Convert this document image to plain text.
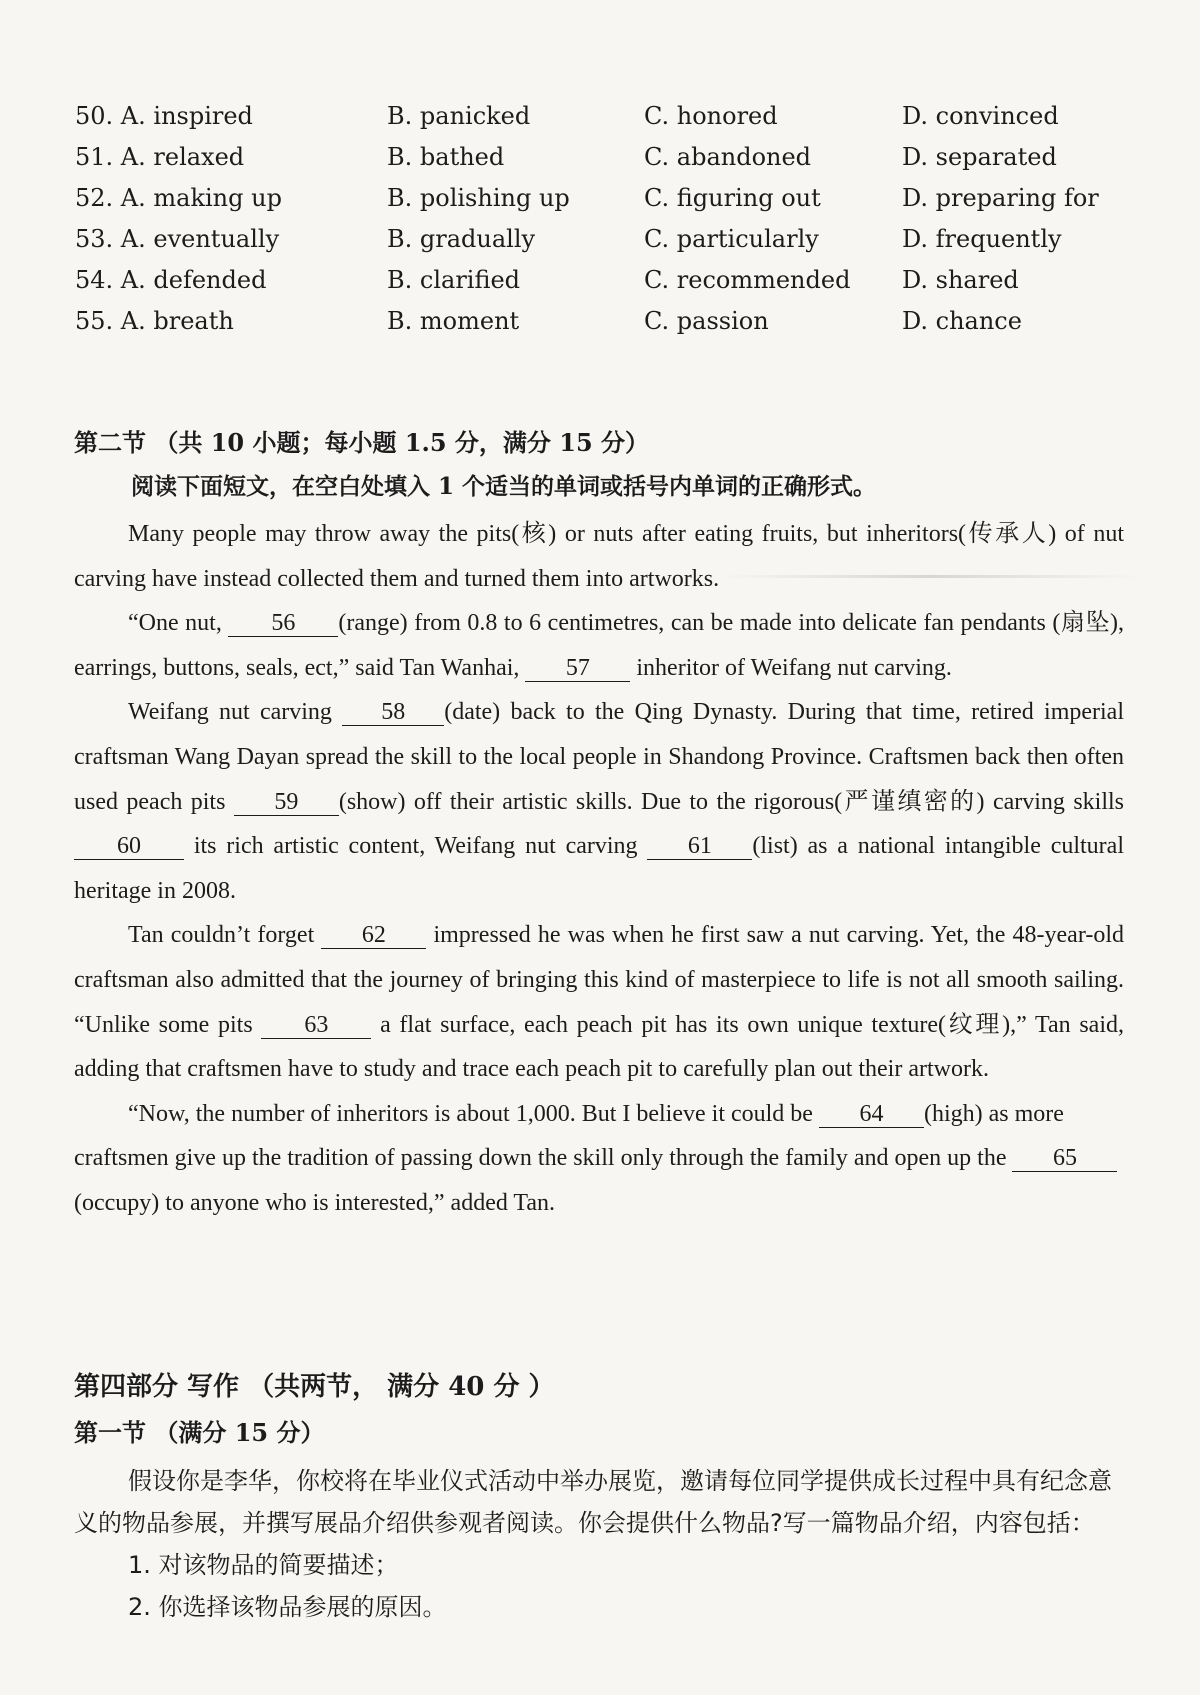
50. A. inspired	B. panicked	C. honored	D. convinced
51. A. relaxed	B. bathed	C. abandoned	D. separated
52. A. making up	B. polishing up	C. figuring out	D. preparing for
53. A. eventually	B. gradually	C. particularly	D. frequently
54. A. defended	B. clarified	C. recommended D. shared
55. A. breath	B. moment	C. passion	D. chance
第二节 （共 10 小题；每小题 1.5 分，满分 15 分）
阅读下面短文，在空白处填入 1 个适当的单词或括号内单词的正确形式。

Many people may throw away the pits(核) or nuts after eating fruits, but inheritors(传承人) of nut carving have instead collected them and turned them into artworks.

“One nut, 56 (range) from 0.8 to 6 centimetres, can be made into delicate fan pendants (扇坠), earrings, buttons, seals, ect,” said Tan Wanhai, 57 inheritor of Weifang nut carving.

Weifang nut carving 58 (date) back to the Qing Dynasty. During that time, retired imperial craftsman Wang Dayan spread the skill to the local people in Shandong Province. Craftsmen back then often used peach pits 59 (show) off their artistic skills. Due to the rigorous(严谨缜密的) carving skills 60 its rich artistic content, Weifang nut carving 61 (list) as a national intangible cultural heritage in 2008.

Tan couldn’t forget 62 impressed he was when he first saw a nut carving. Yet, the 48-year-old craftsman also admitted that the journey of bringing this kind of masterpiece to life is not all smooth sailing. “Unlike some pits 63 a flat surface, each peach pit has its own unique texture(纹理),” Tan said, adding that craftsmen have to study and trace each peach pit to carefully plan out their artwork.

“Now, the number of inheritors is about 1,000. But I believe it could be 64 (high) as more craftsmen give up the tradition of passing down the skill only through the family and open up the 65(occupy) to anyone who is interested,” added Tan.

第四部分 写作 （共两节， 满分 40 分 ）
第一节 （满分 15 分）

假设你是李华，你校将在毕业仪式活动中举办展览，邀请每位同学提供成长过程中具有纪念意义的物品参展，并撰写展品介绍供参观者阅读。你会提供什么物品?写一篇物品介绍，内容包括：

1. 对该物品的简要描述；

2. 你选择该物品参展的原因。
